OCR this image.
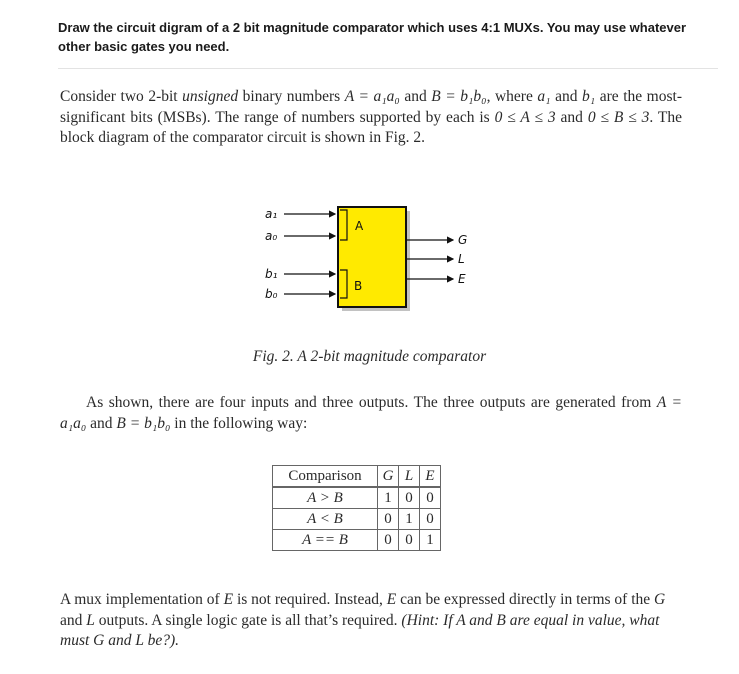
Draw the circuit digram of a 2 bit magnitude comparator which uses 4:1 MUXs. You may use whatever other basic gates you need.
Consider two 2-bit unsigned binary numbers A = a₁a₀ and B = b₁b₀, where a₁ and b₁ are the most-significant bits (MSBs). The range of numbers supported by each is 0 ≤ A ≤ 3 and 0 ≤ B ≤ 3. The block diagram of the comparator circuit is shown in Fig. 2.
a₁
a₀
b₁
b₀
A
B
G
L
E
Fig. 2. A 2-bit magnitude comparator
As shown, there are four inputs and three outputs. The three outputs are generated from A = a₁a₀ and B = b₁b₀ in the following way:
Comparison	G	L	E
A > B	1	0	0
A < B	0	1	0
A == B	0	0	1
A mux implementation of E is not required. Instead, E can be expressed directly in terms of the G and L outputs. A single logic gate is all that’s required. (Hint: If A and B are equal in value, what must G and L be?).
